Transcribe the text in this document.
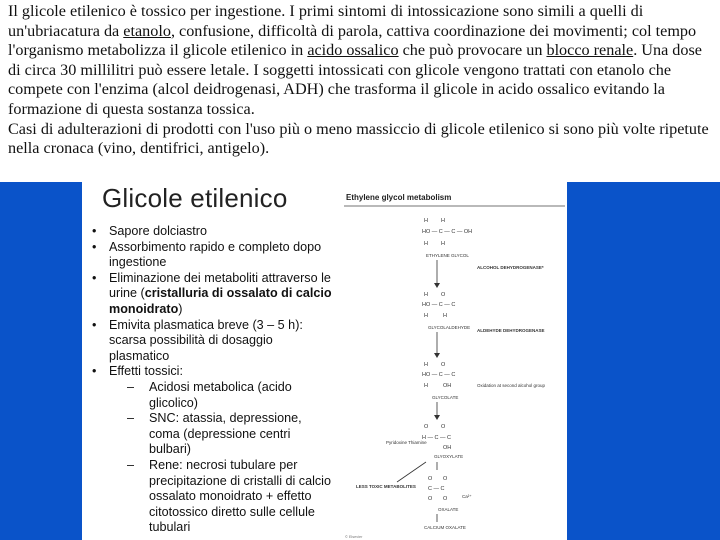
Il glicole etilenico è tossico per ingestione. I primi sintomi di intossicazione sono simili a quelli di un'ubriacatura da etanolo, confusione, difficoltà di parola, cattiva coordinazione dei movimenti; col tempo l'organismo metabolizza il glicole etilenico in acido ossalico che può provocare un blocco renale. Una dose di circa 30 millilitri può essere letale. I soggetti intossicati con glicole vengono trattati con etanolo che compete con l'enzima (alcol deidrogenasi, ADH) che trasforma il glicole in acido ossalico evitando la formazione di questa sostanza tossica.

Casi di adulterazioni di prodotti con l'uso più o meno massiccio di glicole etilenico si sono più volte ripetute nella cronaca (vino, dentifrici, antigelo).

Glicole etilenico
• Sapore dolciastro
• Assorbimento rapido e completo dopo ingestione
• Eliminazione dei metaboliti attraverso le urine (cristalluria di ossalato di calcio monoidrato)
• Emivita plasmatica breve (3 – 5 h): scarsa possibilità di dosaggio plasmatico
• Effetti tossici:
– Acidosi metabolica (acido glicolico)
– SNC: atassia, depressione, coma (depressione centri bulbari)
– Rene: necrosi tubulare per precipitazione di cristalli di calcio ossalato monoidrato + effetto citotossico diretto sulle cellule tubulari
Ethylene glycol metabolism
H H
HO — C — C — OH
H H
ETHYLENE GLYCOL
ALCOHOL DEHYDROGENASE*
H O
HO — C — C
H	H
GLYCOLALDEHYDE
ALDEHYDE DEHYDROGENASE
H O
HO — C — C
H	OH
GLYCOLATE
Oxidation at second alcohol group
O O
H — C — C
OH
GLYOXYLATE
Pyridoxine Thiamine
LESS TOXIC METABOLITES
O O
C — C
O O
OXALATE
Ca²⁺
CALCIUM OXALATE
© Elsevier
